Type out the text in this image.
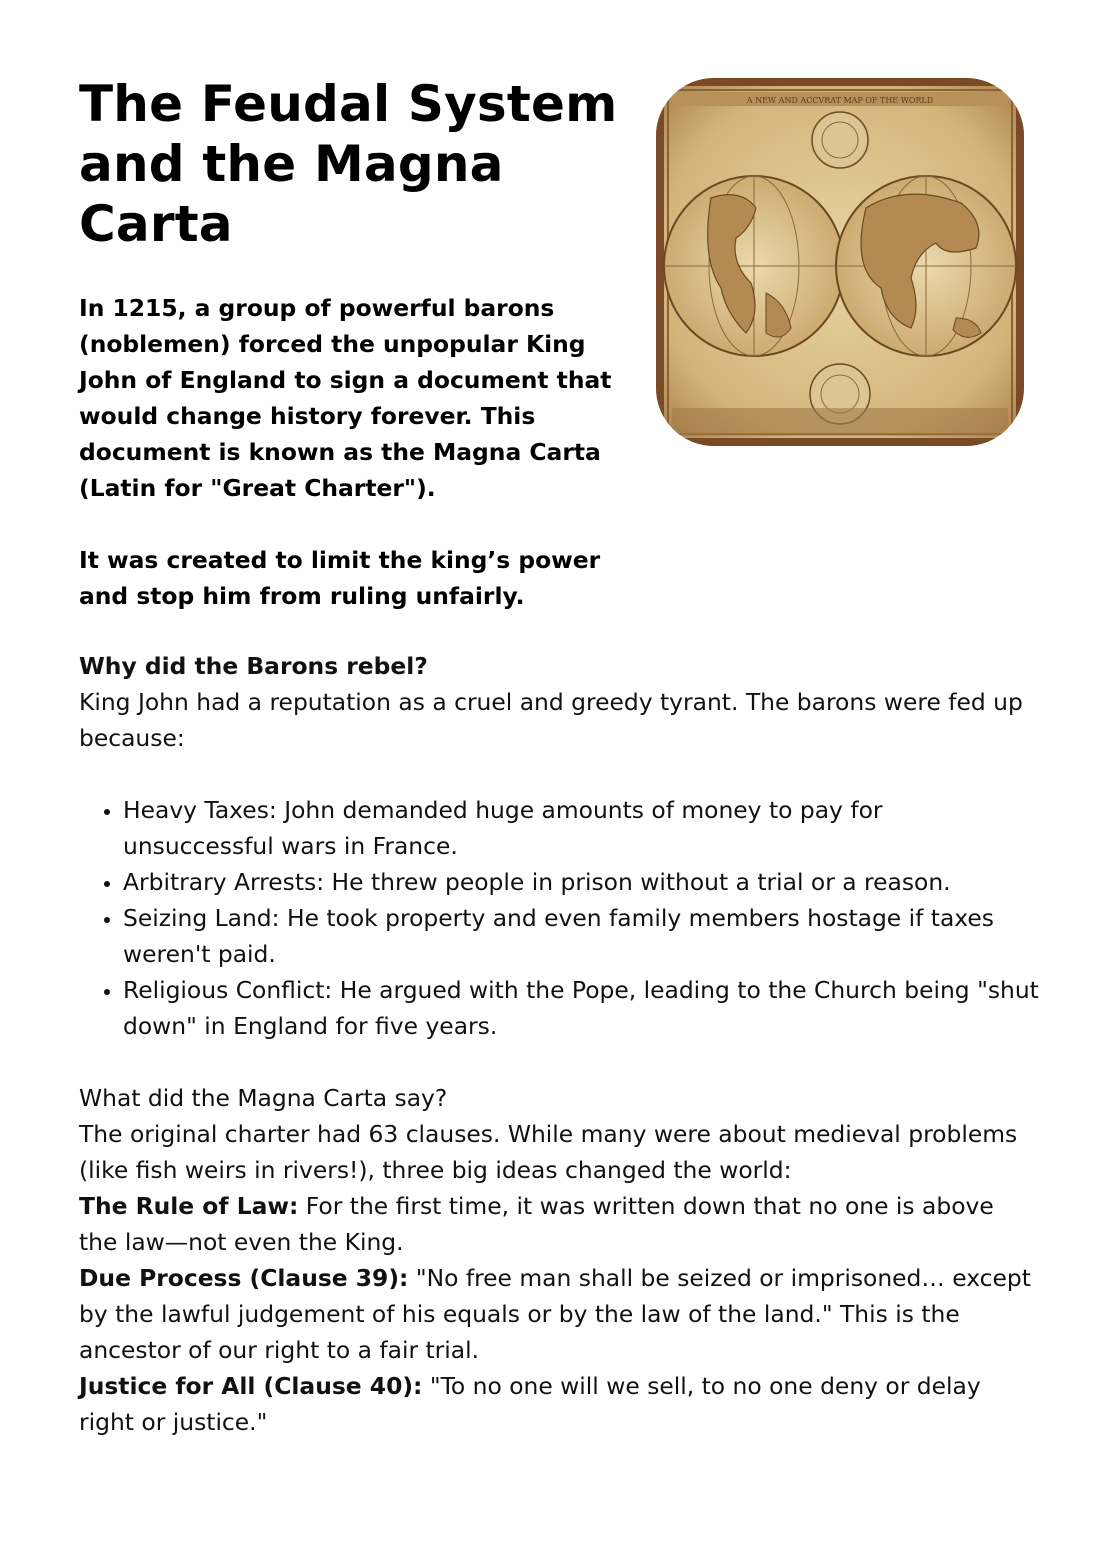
The Feudal System and the Magna Carta

In 1215, a group of powerful barons (noblemen) forced the unpopular King John of England to sign a document that would change history forever. This document is known as the Magna Carta (Latin for "Great Charter").

It was created to limit the king’s power and stop him from ruling unfairly.

A NEW AND ACCVRAT MAP OF THE WORLD

Why did the Barons rebel?

King John had a reputation as a cruel and greedy tyrant. The barons were fed up because:

• Heavy Taxes: John demanded huge amounts of money to pay for unsuccessful wars in France.
• Arbitrary Arrests: He threw people in prison without a trial or a reason.
• Seizing Land: He took property and even family members hostage if taxes weren't paid.
• Religious Conflict: He argued with the Pope, leading to the Church being "shut down" in England for five years.

What did the Magna Carta say?

The original charter had 63 clauses. While many were about medieval problems (like fish weirs in rivers!), three big ideas changed the world:

The Rule of Law: For the first time, it was written down that no one is above the law—not even the King.

Due Process (Clause 39): "No free man shall be seized or imprisoned… except by the lawful judgement of his equals or by the law of the land." This is the ancestor of our right to a fair trial.

Justice for All (Clause 40): "To no one will we sell, to no one deny or delay right or justice."
